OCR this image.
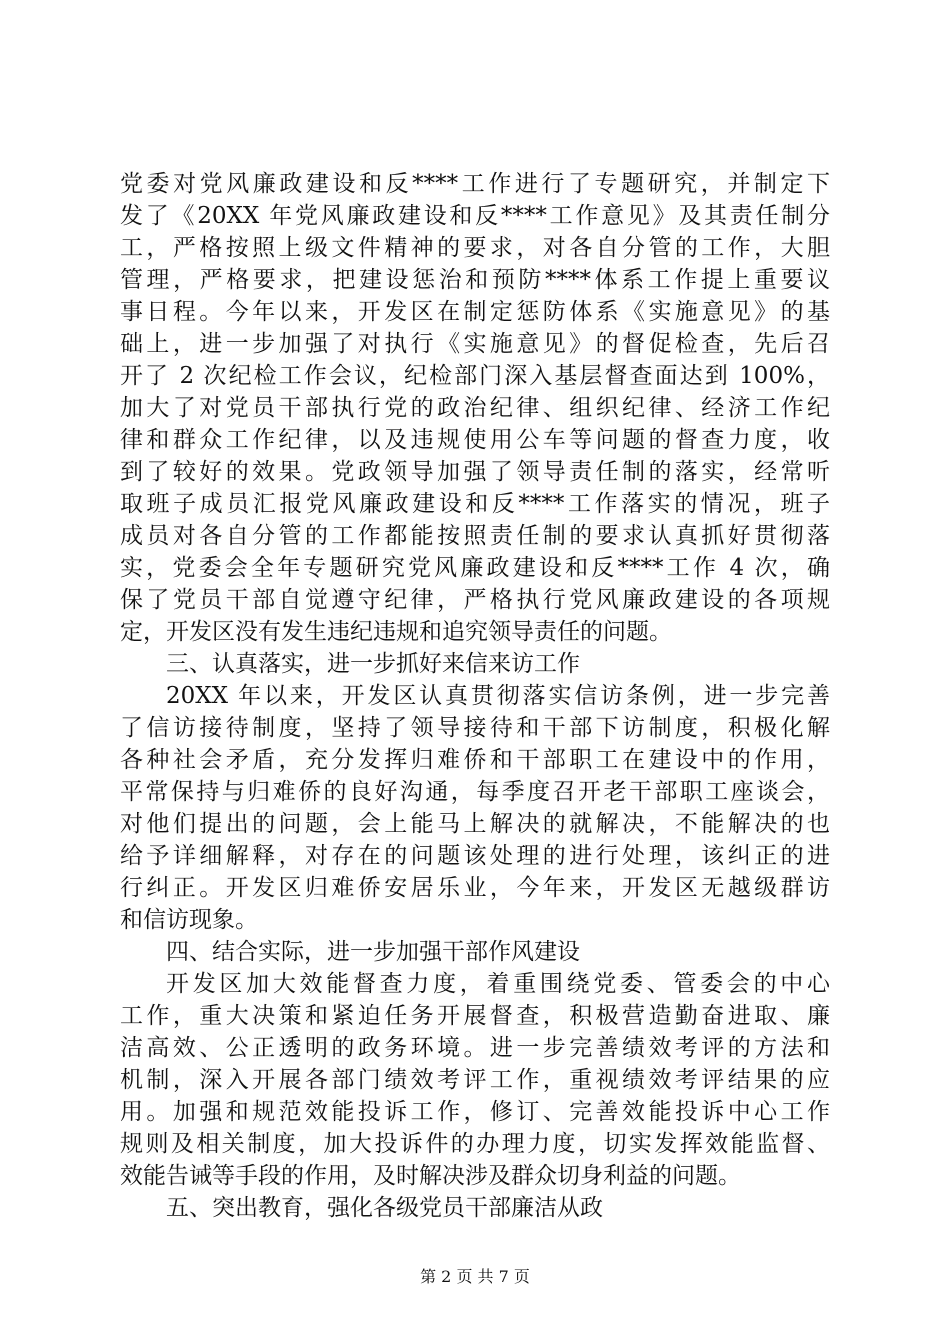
党委对党风廉政建设和反****工作进行了专题研究，并制定下
发了《20XX 年党风廉政建设和反****工作意见》及其责任制分
工，严格按照上级文件精神的要求，对各自分管的工作，大胆
管理，严格要求，把建设惩治和预防****体系工作提上重要议
事日程。今年以来，开发区在制定惩防体系《实施意见》的基
础上，进一步加强了对执行《实施意见》的督促检查，先后召
开了 2 次纪检工作会议，纪检部门深入基层督查面达到 100%，
加大了对党员干部执行党的政治纪律、组织纪律、经济工作纪
律和群众工作纪律，以及违规使用公车等问题的督查力度，收
到了较好的效果。党政领导加强了领导责任制的落实，经常听
取班子成员汇报党风廉政建设和反****工作落实的情况，班子
成员对各自分管的工作都能按照责任制的要求认真抓好贯彻落
实，党委会全年专题研究党风廉政建设和反****工作 4 次，确
保了党员干部自觉遵守纪律，严格执行党风廉政建设的各项规
定，开发区没有发生违纪违规和追究领导责任的问题。
三、认真落实，进一步抓好来信来访工作
20XX 年以来，开发区认真贯彻落实信访条例，进一步完善
了信访接待制度，坚持了领导接待和干部下访制度，积极化解
各种社会矛盾，充分发挥归难侨和干部职工在建设中的作用，
平常保持与归难侨的良好沟通，每季度召开老干部职工座谈会，
对他们提出的问题，会上能马上解决的就解决，不能解决的也
给予详细解释，对存在的问题该处理的进行处理，该纠正的进
行纠正。开发区归难侨安居乐业，今年来，开发区无越级群访
和信访现象。
四、结合实际，进一步加强干部作风建设
开发区加大效能督查力度，着重围绕党委、管委会的中心
工作，重大决策和紧迫任务开展督查，积极营造勤奋进取、廉
洁高效、公正透明的政务环境。进一步完善绩效考评的方法和
机制，深入开展各部门绩效考评工作，重视绩效考评结果的应
用。加强和规范效能投诉工作，修订、完善效能投诉中心工作
规则及相关制度，加大投诉件的办理力度，切实发挥效能监督、
效能告诫等手段的作用，及时解决涉及群众切身利益的问题。
五、突出教育，强化各级党员干部廉洁从政
第 2 页 共 7 页
